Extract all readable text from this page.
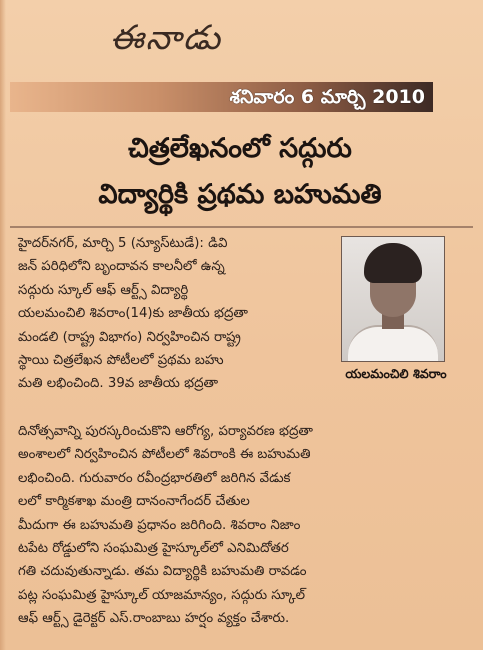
ఈనాడు
శనివారం 6 మార్చి 2010
చిత్రలేఖనంలో సద్గురు
విద్యార్థికి ప్రథమ బహుమతి
హైదర్‌నగర్, మార్చి 5 (న్యూస్‌టుడే): డివి
జన్ పరిధిలోని బృందావన కాలనీలో ఉన్న
సద్గురు స్కూల్ ఆఫ్ ఆర్ట్స్ విద్యార్థి
యలమంచిలి శివరాం(14)కు జాతీయ భద్రతా
మండలి (రాష్ట్ర విభాగం) నిర్వహించిన రాష్ట్ర
స్థాయి చిత్రలేఖన పోటీలలో ప్రథమ బహు
మతి లభించింది. 39వ జాతీయ భద్రతా
యలమంచిలి శివరాం
దినోత్సవాన్ని పురస్కరించుకొని ఆరోగ్య, పర్యావరణ భద్రతా
అంశాలలో నిర్వహించిన పోటీలలో శివరాంకి ఈ బహుమతి
లభించింది. గురువారం రవీంద్రభారతిలో జరిగిన వేడుక
లలో కార్మికశాఖ మంత్రి దానంనాగేందర్ చేతుల
మీదుగా ఈ బహుమతి ప్రధానం జరిగింది. శివరాం నిజాం
టపేట రోడ్డులోని సంఘమిత్ర హైస్కూల్‌లో ఎనిమిదోతర
గతి చదువుతున్నాడు. తమ విద్యార్థికి బహుమతి రావడం
పట్ల సంఘమిత్ర హైస్కూల్ యాజమాన్యం, సద్గురు స్కూల్
ఆఫ్ ఆర్ట్స్ డైరెక్టర్ ఎస్.రాంబాబు హర్షం వ్యక్తం చేశారు.
